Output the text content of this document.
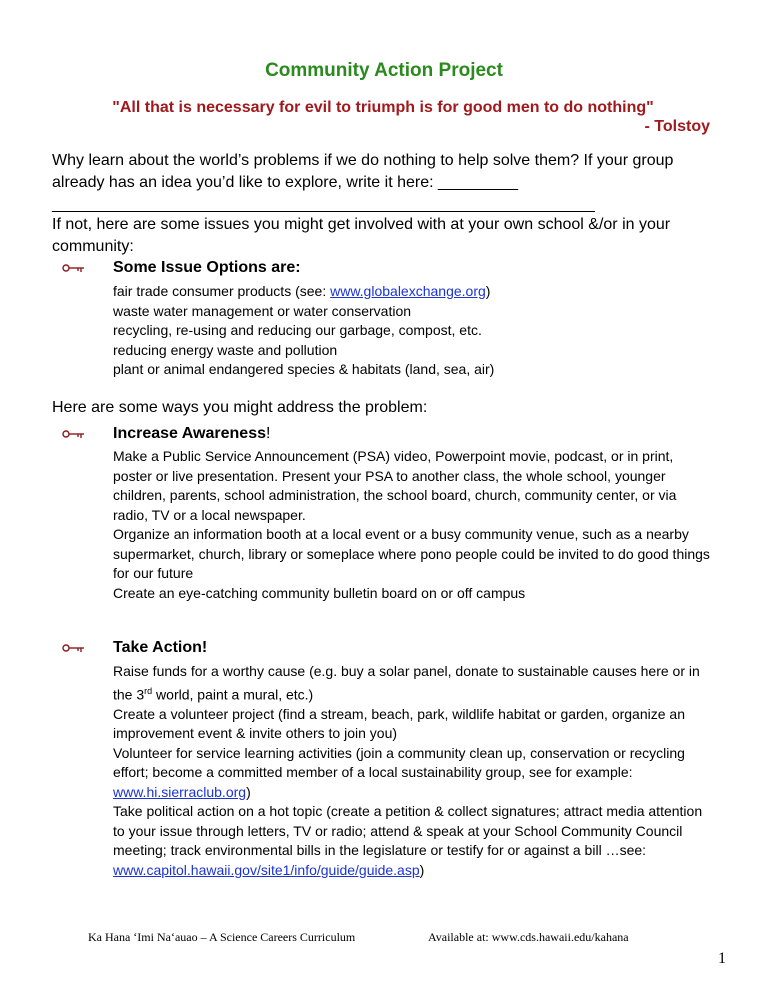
Community Action Project
"All that is necessary for evil to triumph is for good men to do nothing"
- Tolstoy
Why learn about the world’s problems if we do nothing to help solve them? If your group already has an idea you’d like to explore, write it here: _________
_____________________________________________________________
If not, here are some issues you might get involved with at your own school &/or in your community:
Some Issue Options are:
fair trade consumer products (see: www.globalexchange.org)
waste water management or water conservation
recycling, re-using and reducing our garbage, compost, etc.
reducing energy waste and pollution
plant or animal endangered species & habitats (land, sea, air)
Here are some ways you might address the problem:
Increase Awareness!
Make a Public Service Announcement (PSA) video, Powerpoint movie, podcast, or in print, poster or live presentation. Present your PSA to another class, the whole school, younger children, parents, school administration, the school board, church, community center, or via radio, TV or a local newspaper.
Organize an information booth at a local event or a busy community venue, such as a nearby supermarket, church, library or someplace where pono people could be invited to do good things for our future
Create an eye-catching community bulletin board on or off campus
Take Action!
Raise funds for a worthy cause (e.g. buy a solar panel, donate to sustainable causes here or in the 3rd world, paint a mural, etc.)
Create a volunteer project (find a stream, beach, park, wildlife habitat or garden, organize an improvement event & invite others to join you)
Volunteer for service learning activities (join a community clean up, conservation or recycling effort; become a committed member of a local sustainability group, see for example: www.hi.sierraclub.org)
Take political action on a hot topic (create a petition & collect signatures; attract media attention to your issue through letters, TV or radio; attend & speak at your School Community Council meeting; track environmental bills in the legislature or testify for or against a bill …see: www.capitol.hawaii.gov/site1/info/guide/guide.asp)
Ka Hana ‘Imi Na‘auao – A Science Careers Curriculum	Available at: www.cds.hawaii.edu/kahana
1
